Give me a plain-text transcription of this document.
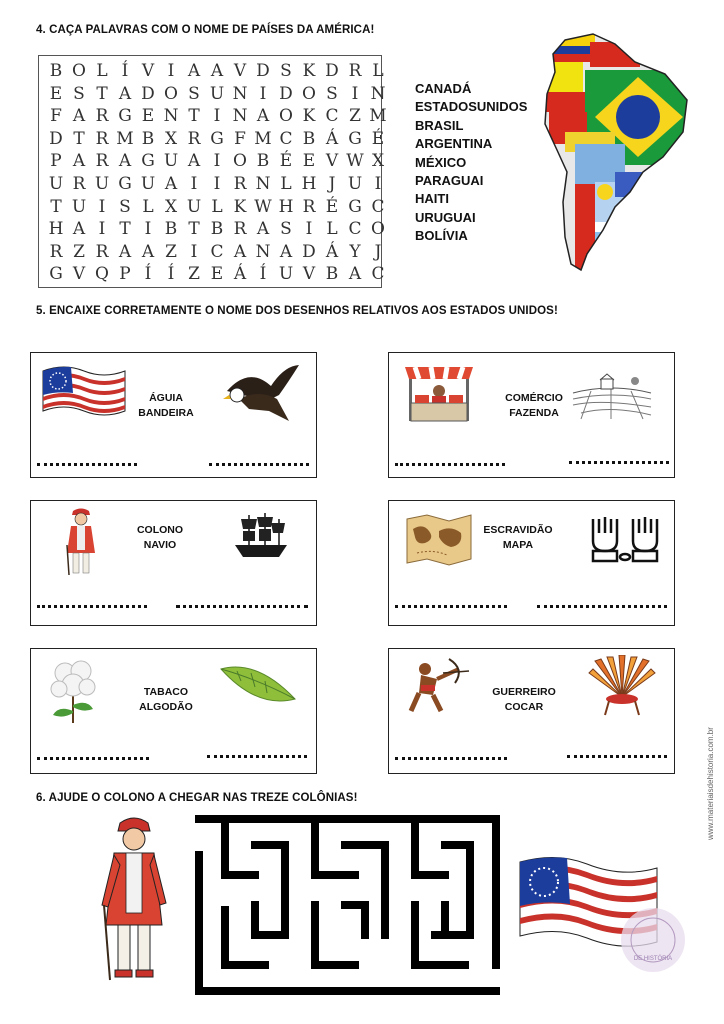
4. CAÇA PALAVRAS COM O NOME DE PAÍSES DA AMÉRICA!
B O L Í V I A A V D S K D R L
E S T A D O S U N I D O S I N
F A R G E N T I N A O K C Z M
D T R M B X R G F M C B Á G É
P A R A G U A I O B É E V W X
U R U G U A I I R N L H J U I
T U I S L X U L K W H R É G C
H A I T I B T B R A S I L C O
R Z R A A Z I C A N A D Á Y J
G V Q P Í Í Z E Á Í U V B A C
CANADÁ
ESTADOSUNIDOS
BRASIL
ARGENTINA
MÉXICO
PARAGUAI
HAITI
URUGUAI
BOLÍVIA
5. ENCAIXE CORRETAMENTE O NOME DOS DESENHOS RELATIVOS AOS ESTADOS UNIDOS!
ÁGUIA
BANDEIRA
COMÉRCIO
FAZENDA
COLONO
NAVIO
ESCRAVIDÃO
MAPA
TABACO
ALGODÃO
GUERREIRO
COCAR
6. AJUDE O COLONO A CHEGAR NAS TREZE COLÔNIAS!
DE HISTÓRIA
www.materiaisdehistoria.com.br
